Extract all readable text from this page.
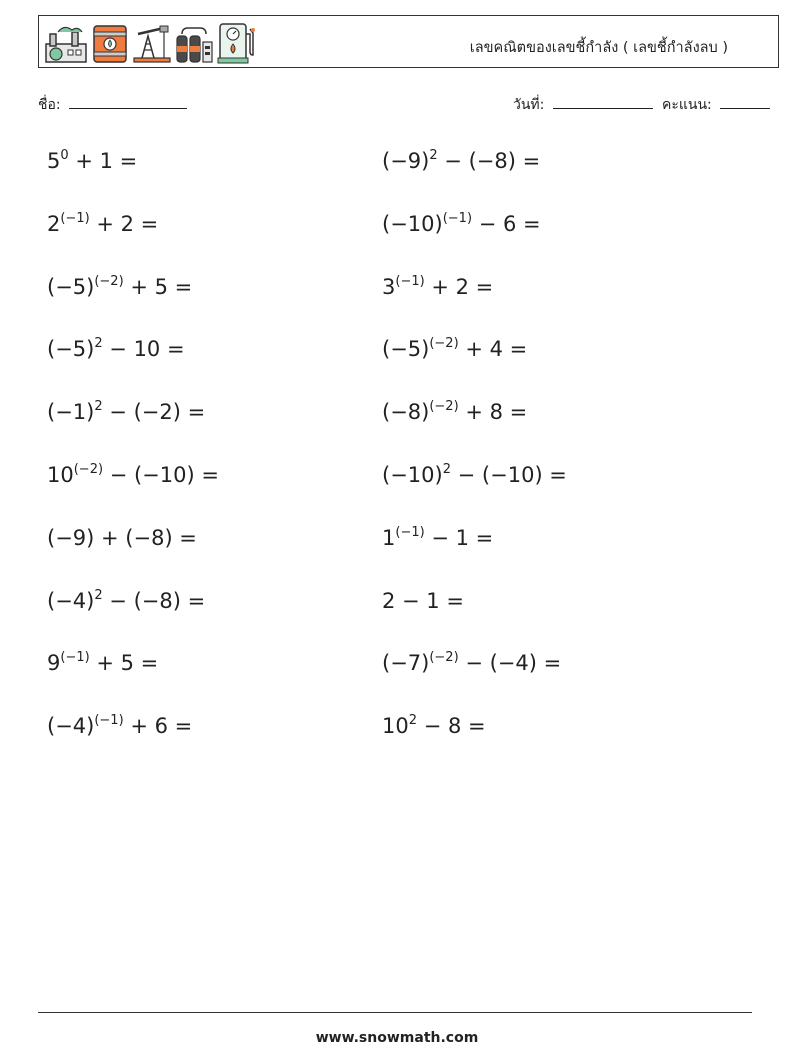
เลขคณิตของเลขชี้กำลัง ( เลขชี้กำลังลบ )
ชื่อ:	วันที่:	คะแนน:
$5^0 + 1$ =	$(-9)^2 - (-8)$ =
$2^{(-1)} + 2$ =	$(-10)^{(-1)} - 6$ =
$(-5)^{(-2)} + 5$ =	$3^{(-1)} + 2$ =
$(-5)^2 - 10$ =	$(-5)^{(-2)} + 4$ =
$(-1)^2 - (-2)$ =	$(-8)^{(-2)} + 8$ =
$10^{(-2)} - (-10)$ =	$(-10)^2 - (-10)$ =
(−9) + (−8) =	$1^{(-1)} - 1$ =
$(-4)^2 - (-8)$ =	2 − 1 =
$9^{(-1)} + 5$ =	$(-7)^{(-2)} - (-4)$ =
$(-4)^{(-1)} + 6$ =	$10^2 - 8$ =
www.snowmath.com
